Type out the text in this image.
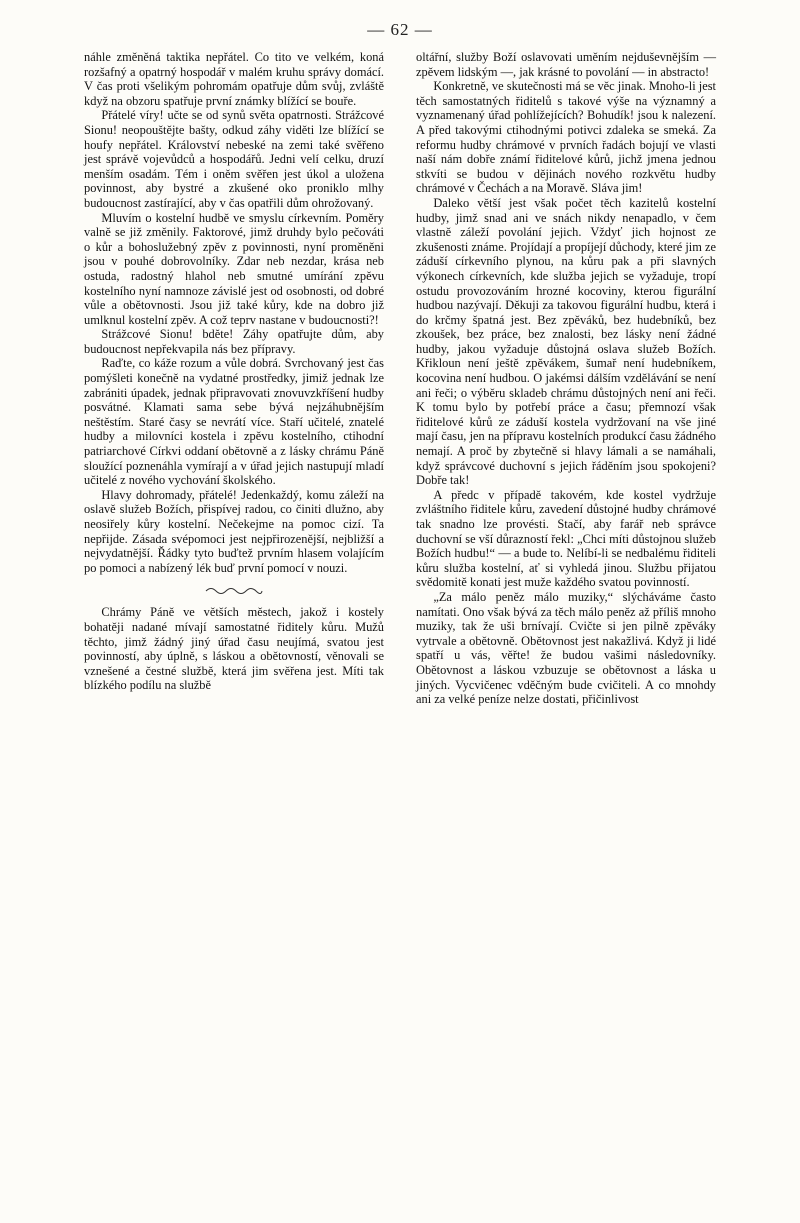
— 62 —

náhle změněná taktika nepřátel. Co tito ve velkém, koná rozšafný a opatrný hospodář v malém kruhu správy domácí. V čas proti všelikým pohromám opatřuje dům svůj, zvláště když na obzoru spatřuje první známky blížící se bouře.

Přátelé víry! učte se od synů světa opatrnosti. Strážcové Sionu! neopouštějte bašty, odkud záhy viděti lze blížící se houfy nepřátel. Království nebeské na zemi také svěřeno jest správě vojevůdců a hospodářů. Jedni velí celku, druzí menším osadám. Tém i oněm svěřen jest úkol a uložena povinnost, aby bystré a zkušené oko proniklo mlhy budoucnost zastírající, aby v čas opatřili dům ohrožovaný.

Mluvím o kostelní hudbě ve smyslu církevním. Poměry valně se již změnily. Faktorové, jimž druhdy bylo pečováti o kůr a bohoslužebný zpěv z povinnosti, nyní proměněni jsou v pouhé dobrovolníky. Zdar neb nezdar, krása neb ostuda, radostný hlahol neb smutné umírání zpěvu kostelního nyní namnoze závislé jest od osobnosti, od dobré vůle a obětovnosti. Jsou již také kůry, kde na dobro již umlknul kostelní zpěv. A což teprv nastane v budoucnosti?!

Strážcové Sionu! bdĕte! Záhy opatřujte dům, aby budoucnost nepřekvapila nás bez přípravy.

Raďte, co káže rozum a vůle dobrá. Svrchovaný jest čas pomýšleti konečně na vydatné prostředky, jimiž jednak lze zabrániti úpadek, jednak připravovati znovuvzkříšení hudby posvátné. Klamati sama sebe bývá nejzáhubnějším neštěstím. Staré časy se nevrátí více. Staří učitelé, znatelé hudby a milovníci kostela i zpěvu kostelního, ctihodní patriarchové Církvi oddaní obětovně a z lásky chrámu Páně sloužící poznenáhla vymírají a v úřad jejich nastupují mladí učitelé z nového vychování školského.

Hlavy dohromady, přátelé! Jedenkaždý, komu záleží na oslavě služeb Božích, přispívej radou, co činiti dlužno, aby neosiřely kůry kostelní. Nečekejme na pomoc cizí. Ta nepřijde. Zásada svépomoci jest nejpřirozenější, nejbližší a nejvydatnější. Řádky tyto buďtež prvním hlasem volajícím po pomoci a nabízený lék buď první pomocí v nouzi.

Chrámy Páně ve větších městech, jakož i kostely bohatěji nadané mívají samostatné řiditely kůru. Mužů těchto, jimž žádný jiný úřad času neujímá, svatou jest povinností, aby úplně, s láskou a obětovností, věnovali se vznešené a čestné službě, která jim svěřena jest. Míti tak blízkého podílu na službě

oltářní, služby Boží oslavovati uměním nejduševnějším — zpěvem lidským —, jak krásné to povolání — in abstracto!

Konkretně, ve skutečnosti má se věc jinak. Mnoho-li jest těch samostatných řiditelů s takové výše na významný a vyznamenaný úřad pohlížejících? Bohudík! jsou k nalezení. A před takovými ctihodnými potivci zdaleka se smeká. Za reformu hudby chrámové v prvních řadách bojují ve vlasti naší nám dobře známí řiditelové kůrů, jichž jmena jednou stkvíti se budou v dějinách nového rozkvětu hudby chrámové v Čechách a na Moravě. Sláva jim!

Daleko větší jest však počet těch kazitelů kostelní hudby, jimž snad ani ve snách nikdy nenapadlo, v čem vlastně záleží povolání jejich. Vždyť jich hojnost ze zkušenosti známe. Projídají a propíjejí důchody, které jim ze záduší církevního plynou, na kůru pak a při slavných výkonech církevních, kde služba jejich se vyžaduje, tropí ostudu provozováním hrozné kocoviny, kterou figurální hudbou nazývají. Děkuji za takovou figurální hudbu, která i do krčmy špatná jest. Bez zpěváků, bez hudebníků, bez zkoušek, bez práce, bez znalosti, bez lásky není žádné hudby, jakou vyžaduje důstojná oslava služeb Božích. Křikloun není ještě zpěvákem, šumař není hudebníkem, kocovina není hudbou. O jakémsi dálším vzdělávání se není ani řeči; o výběru skladeb chrámu důstojných není ani řeči. K tomu bylo by potřebí práce a času; přemnozí však řiditelové kůrů ze záduší kostela vydržovaní na vše jiné mají času, jen na přípravu kostelních produkcí času žádného nemají. A proč by zbytečně si hlavy lámali a se namáhali, když správcové duchovní s jejich řáděním jsou spokojeni? Dobře tak!

A předc v případě takovém, kde kostel vydržuje zvláštního řiditele kůru, zavedení důstojné hudby chrámové tak snadno lze provésti. Stačí, aby farář neb správce duchovní se vší důrazností řekl: „Chci míti důstojnou služeb Božích hudbu!“ — a bude to. Nelíbí-li se nedbalému řiditeli kůru služba kostelní, ať si vyhledá jinou. Službu přijatou svědomitě konati jest muže každého svatou povinností.

„Za málo peněz málo muziky,“ slýcháváme často namítati. Ono však bývá za těch málo peněz až příliš mnoho muziky, tak že uši brnívají. Cvičte si jen pilně zpěváky vytrvale a obětovně. Obětovnost jest nakažlivá. Když ji lidé spatří u vás, věřte! že budou vašimi následovníky. Obětovnost a láskou vzbuzuje se obětovnost a láska u jiných. Vycvičenec vděčným bude cvičiteli. A co mnohdy ani za velké peníze nelze dostati, přičinlivost
